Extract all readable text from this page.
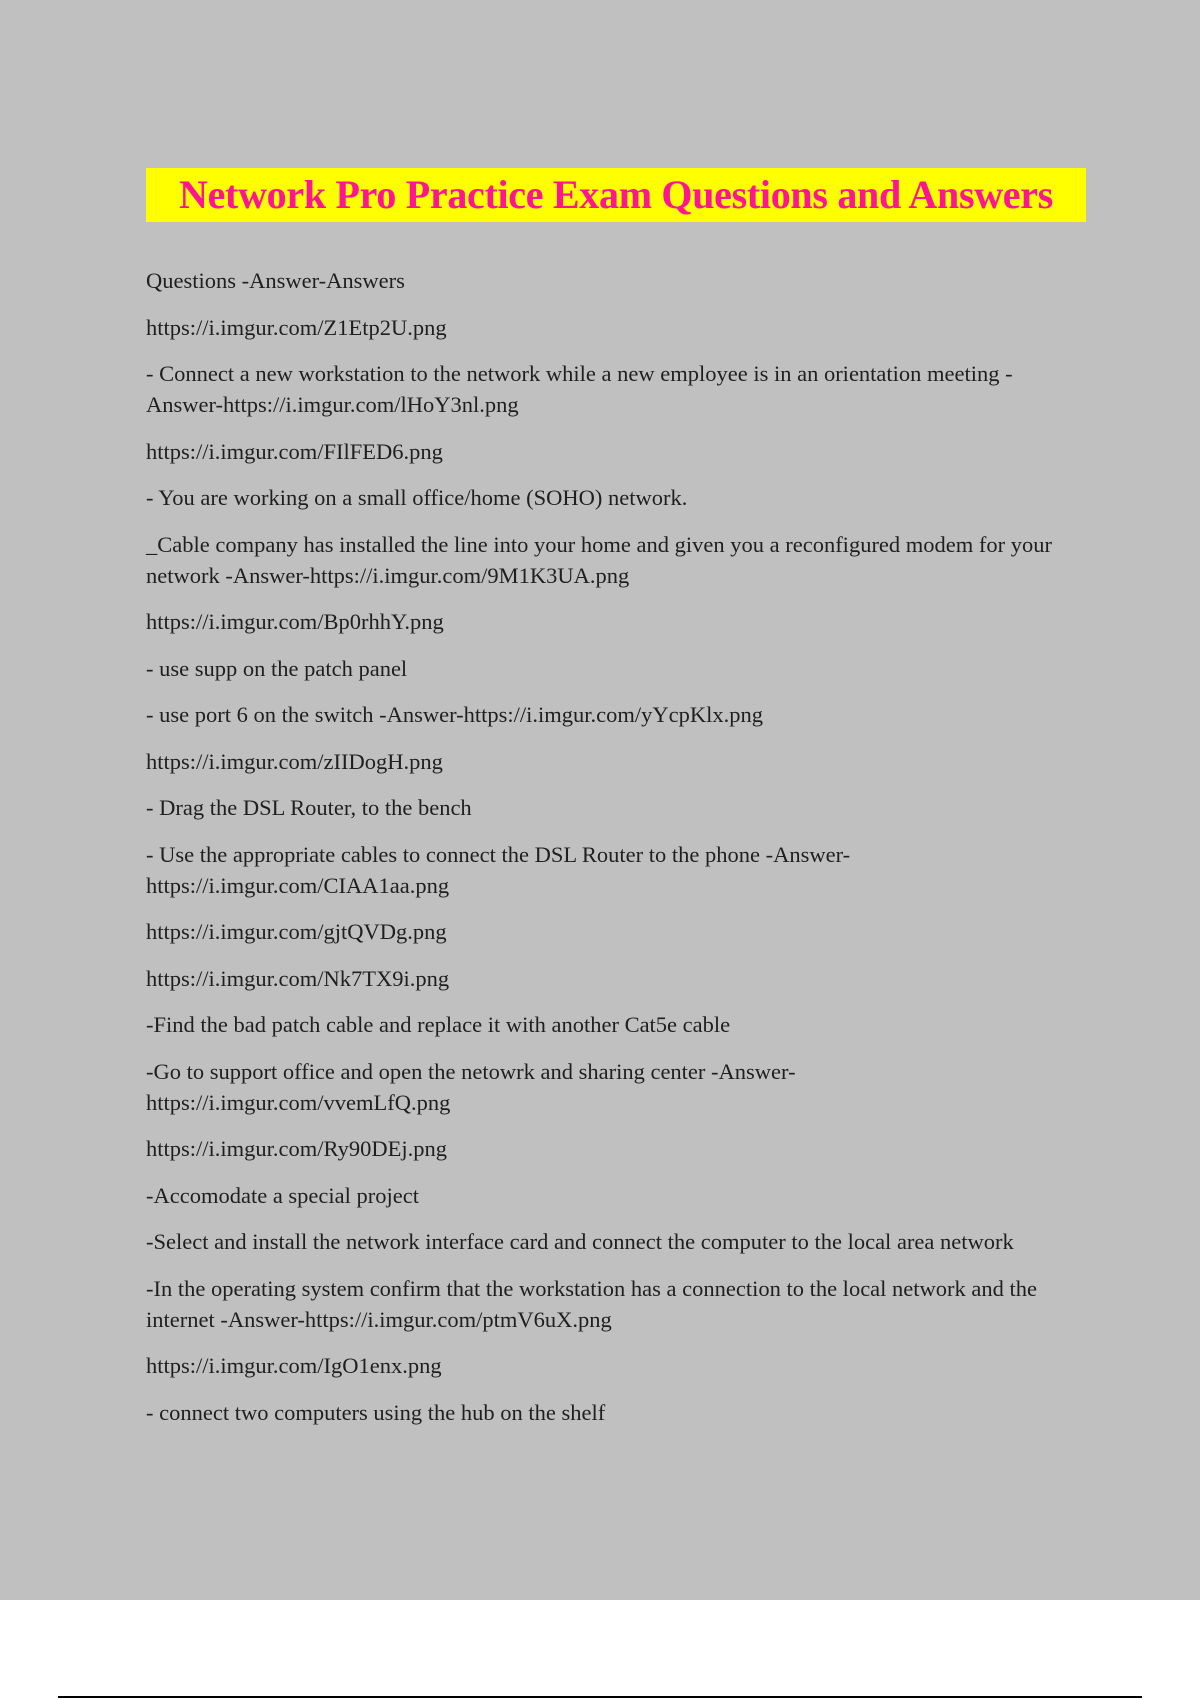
Network Pro Practice Exam Questions and Answers

Questions -Answer-Answers

https://i.imgur.com/Z1Etp2U.png

- Connect a new workstation to the network while a new employee is in an orientation meeting -Answer-https://i.imgur.com/lHoY3nl.png

https://i.imgur.com/FIlFED6.png

- You are working on a small office/home (SOHO) network.

_Cable company has installed the line into your home and given you a reconfigured modem for your network -Answer-https://i.imgur.com/9M1K3UA.png

https://i.imgur.com/Bp0rhhY.png

- use supp on the patch panel

- use port 6 on the switch -Answer-https://i.imgur.com/yYcpKlx.png

https://i.imgur.com/zIIDogH.png

- Drag the DSL Router, to the bench

- Use the appropriate cables to connect the DSL Router to the phone -Answer-https://i.imgur.com/CIAA1aa.png

https://i.imgur.com/gjtQVDg.png

https://i.imgur.com/Nk7TX9i.png

-Find the bad patch cable and replace it with another Cat5e cable

-Go to support office and open the netowrk and sharing center -Answer-https://i.imgur.com/vvemLfQ.png

https://i.imgur.com/Ry90DEj.png

-Accomodate a special project

-Select and install the network interface card and connect the computer to the local area network

-In the operating system confirm that the workstation has a connection to the local network and the internet -Answer-https://i.imgur.com/ptmV6uX.png

https://i.imgur.com/IgO1enx.png

- connect two computers using the hub on the shelf
